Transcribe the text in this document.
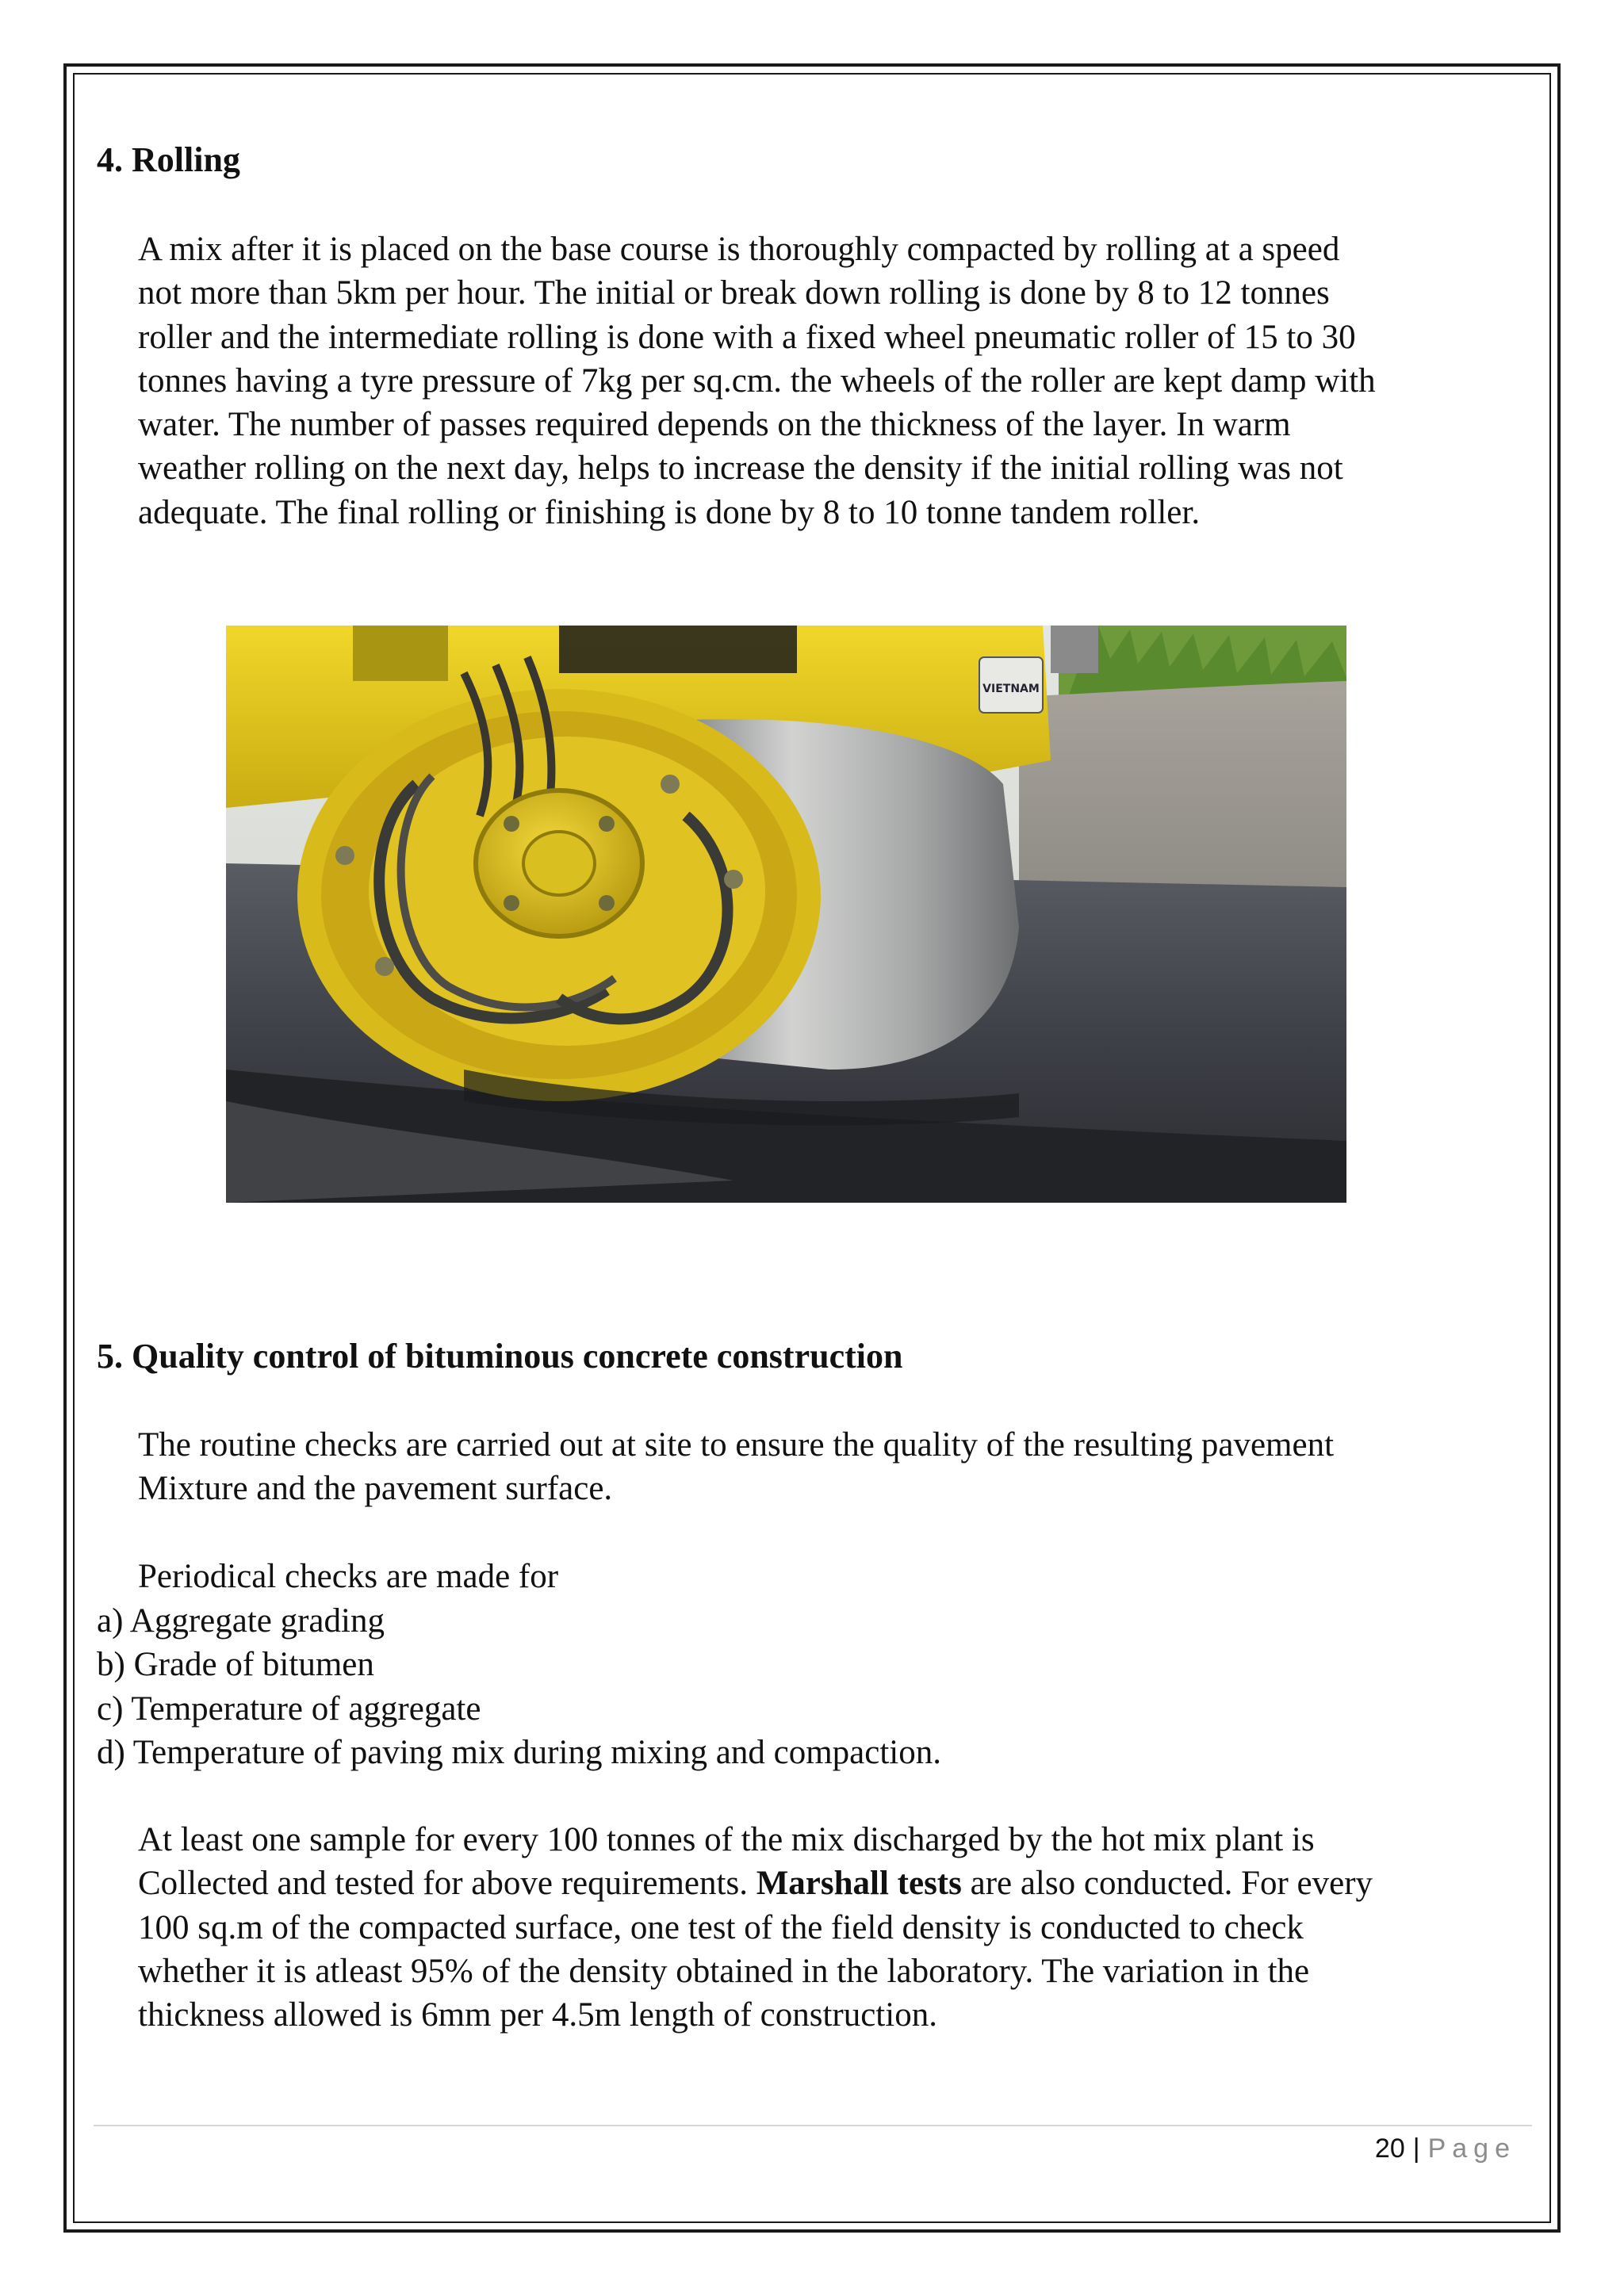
4. Rolling

A mix after it is placed on the base course is thoroughly compacted by rolling at a speed
not more than 5km per hour. The initial or break down rolling is done by 8 to 12 tonnes
roller and the intermediate rolling is done with a fixed wheel pneumatic roller of 15 to 30
tonnes having a tyre pressure of 7kg per sq.cm. the wheels of the roller are kept damp with
water. The number of passes required depends on the thickness of the layer. In warm
weather rolling on the next day, helps to increase the density if the initial rolling was not
adequate. The final rolling or finishing is done by 8 to 10 tonne tandem roller.

VIETNAM
5. Quality control of bituminous concrete construction

The routine checks are carried out at site to ensure the quality of the resulting pavement
Mixture and the pavement surface.

Periodical checks are made for

a) Aggregate grading
b) Grade of bitumen
c) Temperature of aggregate
d) Temperature of paving mix during mixing and compaction.

At least one sample for every 100 tonnes of the mix discharged by the hot mix plant is
Collected and tested for above requirements. Marshall tests are also conducted. For every
100 sq.m of the compacted surface, one test of the field density is conducted to check
whether it is atleast 95% of the density obtained in the laboratory. The variation in the
thickness allowed is 6mm per 4.5m length of construction.

20 | Page
